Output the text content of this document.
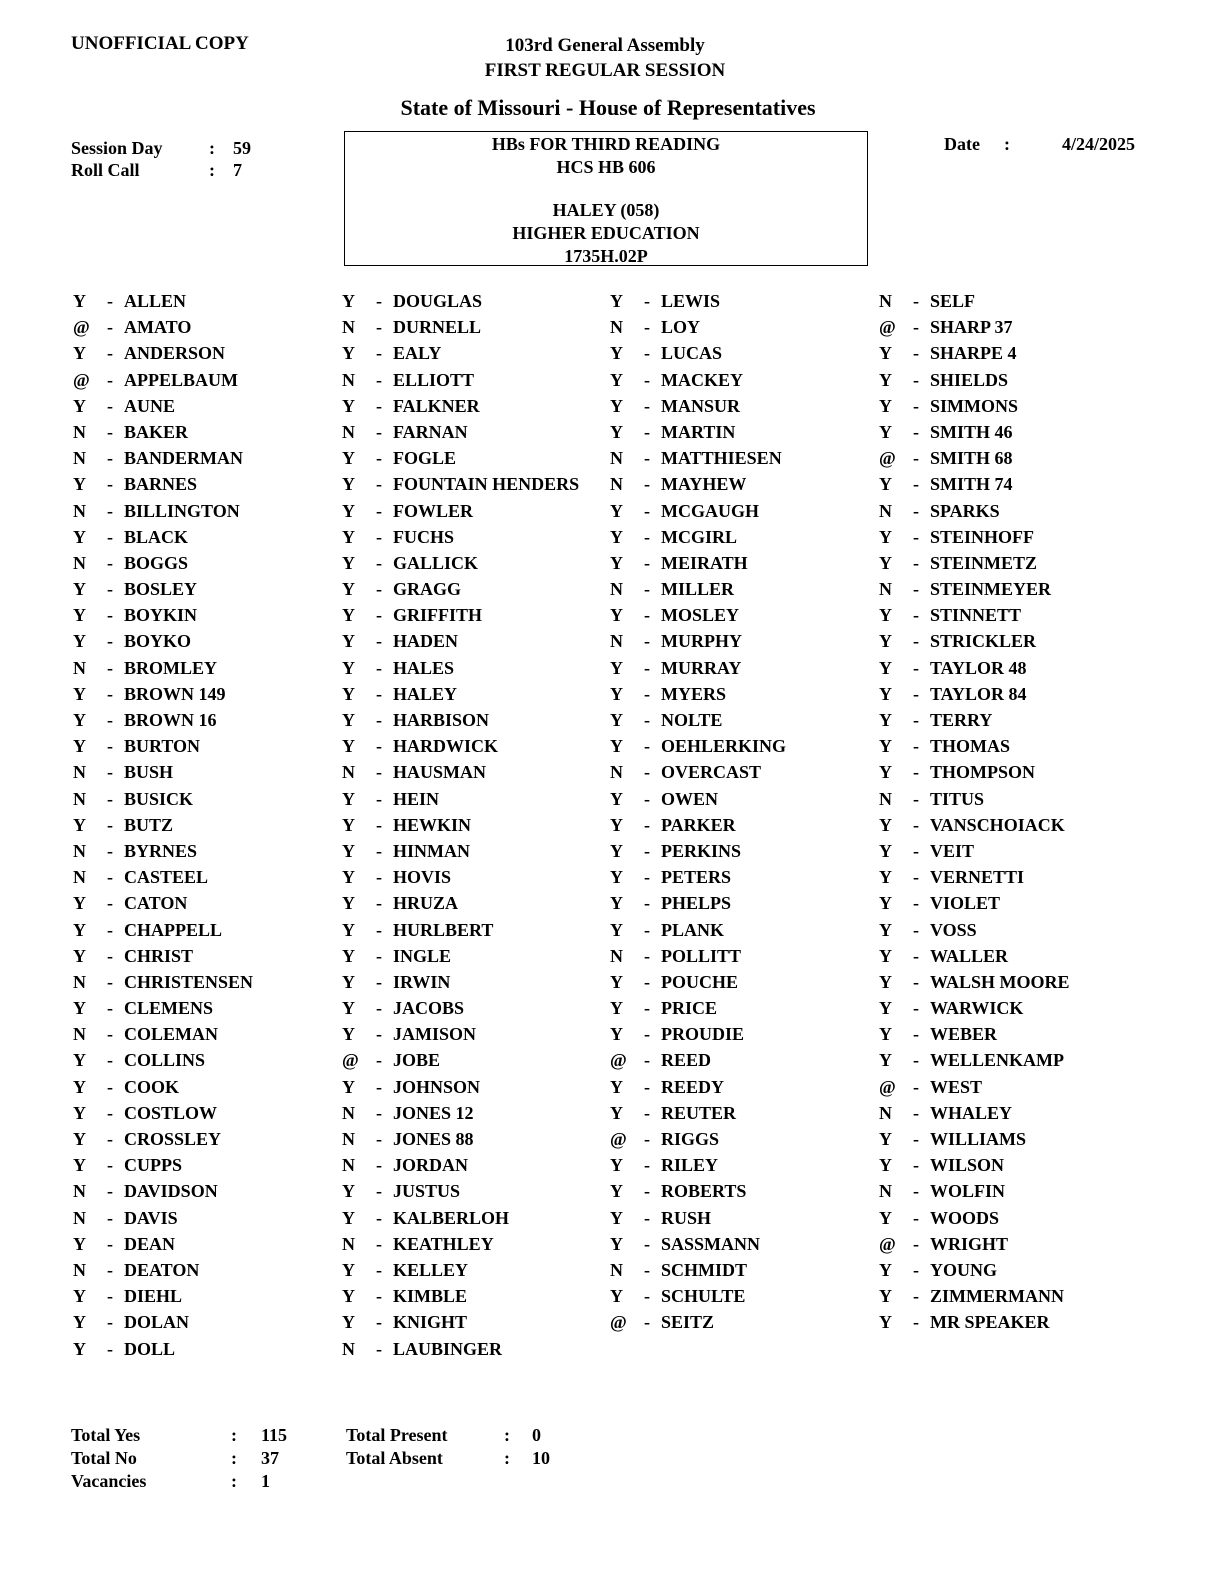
UNOFFICIAL COPY	103rd General Assembly
FIRST REGULAR SESSION
State of Missouri - House of Representatives
Session Day	:	59
Roll Call	:	7
HBs FOR THIRD READING
HCS HB 606
HALEY (058)
HIGHER EDUCATION
1735H.02P
Date	:	4/24/2025
Y	- ALLEN
@ - AMATO
Y	- ANDERSON
@ - APPELBAUM
Y	- AUNE
N	- BAKER
N	- BANDERMAN
Y	- BARNES
N	- BILLINGTON
Y	- BLACK
N	- BOGGS
Y	- BOSLEY
Y	- BOYKIN
Y	- BOYKO
N	- BROMLEY
Y	- BROWN 149
Y	- BROWN 16
Y	- BURTON
N	- BUSH
N	- BUSICK
Y	- BUTZ
N	- BYRNES
N	- CASTEEL
Y	- CATON
Y	- CHAPPELL
Y	- CHRIST
N	- CHRISTENSEN
Y	- CLEMENS
N	- COLEMAN
Y	- COLLINS
Y	- COOK
Y	- COSTLOW
Y	- CROSSLEY
Y	- CUPPS
N	- DAVIDSON
N	- DAVIS
Y	- DEAN
N	- DEATON
Y	- DIEHL
Y	- DOLAN
Y	- DOLL
Y	- DOUGLAS
N	- DURNELL
Y	- EALY
N	- ELLIOTT
Y	- FALKNER
N	- FARNAN
Y	- FOGLE
Y	- FOUNTAIN HENDERS
Y	- FOWLER
Y	- FUCHS
Y	- GALLICK
Y	- GRAGG
Y	- GRIFFITH
Y	- HADEN
Y	- HALES
Y	- HALEY
Y	- HARBISON
Y	- HARDWICK
N	- HAUSMAN
Y	- HEIN
Y	- HEWKIN
Y	- HINMAN
Y	- HOVIS
Y	- HRUZA
Y	- HURLBERT
Y	- INGLE
Y	- IRWIN
Y	- JACOBS
Y	- JAMISON
@ - JOBE
Y	- JOHNSON
N	- JONES 12
N	- JONES 88
N	- JORDAN
Y	- JUSTUS
Y	- KALBERLOH
N	- KEATHLEY
Y	- KELLEY
Y	- KIMBLE
Y	- KNIGHT
N	- LAUBINGER
Y	- LEWIS
N	- LOY
Y	- LUCAS
Y	- MACKEY
Y	- MANSUR
Y	- MARTIN
N	- MATTHIESEN
N	- MAYHEW
Y	- MCGAUGH
Y	- MCGIRL
Y	- MEIRATH
N	- MILLER
Y	- MOSLEY
N	- MURPHY
Y	- MURRAY
Y	- MYERS
Y	- NOLTE
Y	- OEHLERKING
N	- OVERCAST
Y	- OWEN
Y	- PARKER
Y	- PERKINS
Y	- PETERS
Y	- PHELPS
Y	- PLANK
N	- POLLITT
Y	- POUCHE
Y	- PRICE
Y	- PROUDIE
@ - REED
Y	- REEDY
Y	- REUTER
@ - RIGGS
Y	- RILEY
Y	- ROBERTS
Y	- RUSH
Y	- SASSMANN
N	- SCHMIDT
Y	- SCHULTE
@ - SEITZ
N	- SELF
@ - SHARP 37
Y	- SHARPE 4
Y	- SHIELDS
Y	- SIMMONS
Y	- SMITH 46
@ - SMITH 68
Y	- SMITH 74
N	- SPARKS
Y	- STEINHOFF
Y	- STEINMETZ
N	- STEINMEYER
Y	- STINNETT
Y	- STRICKLER
Y	- TAYLOR 48
Y	- TAYLOR 84
Y	- TERRY
Y	- THOMAS
Y	- THOMPSON
N	- TITUS
Y	- VANSCHOIACK
Y	- VEIT
Y	- VERNETTI
Y	- VIOLET
Y	- VOSS
Y	- WALLER
Y	- WALSH MOORE
Y	- WARWICK
Y	- WEBER
Y	- WELLENKAMP
@ - WEST
N	- WHALEY
Y	- WILLIAMS
Y	- WILSON
N	- WOLFIN
Y	- WOODS
@ - WRIGHT
Y	- YOUNG
Y	- ZIMMERMANN
Y	- MR SPEAKER
Total Yes	:	115
Total No	:	37
Vacancies	:	1
Total Present	:	0
Total Absent	:	10
